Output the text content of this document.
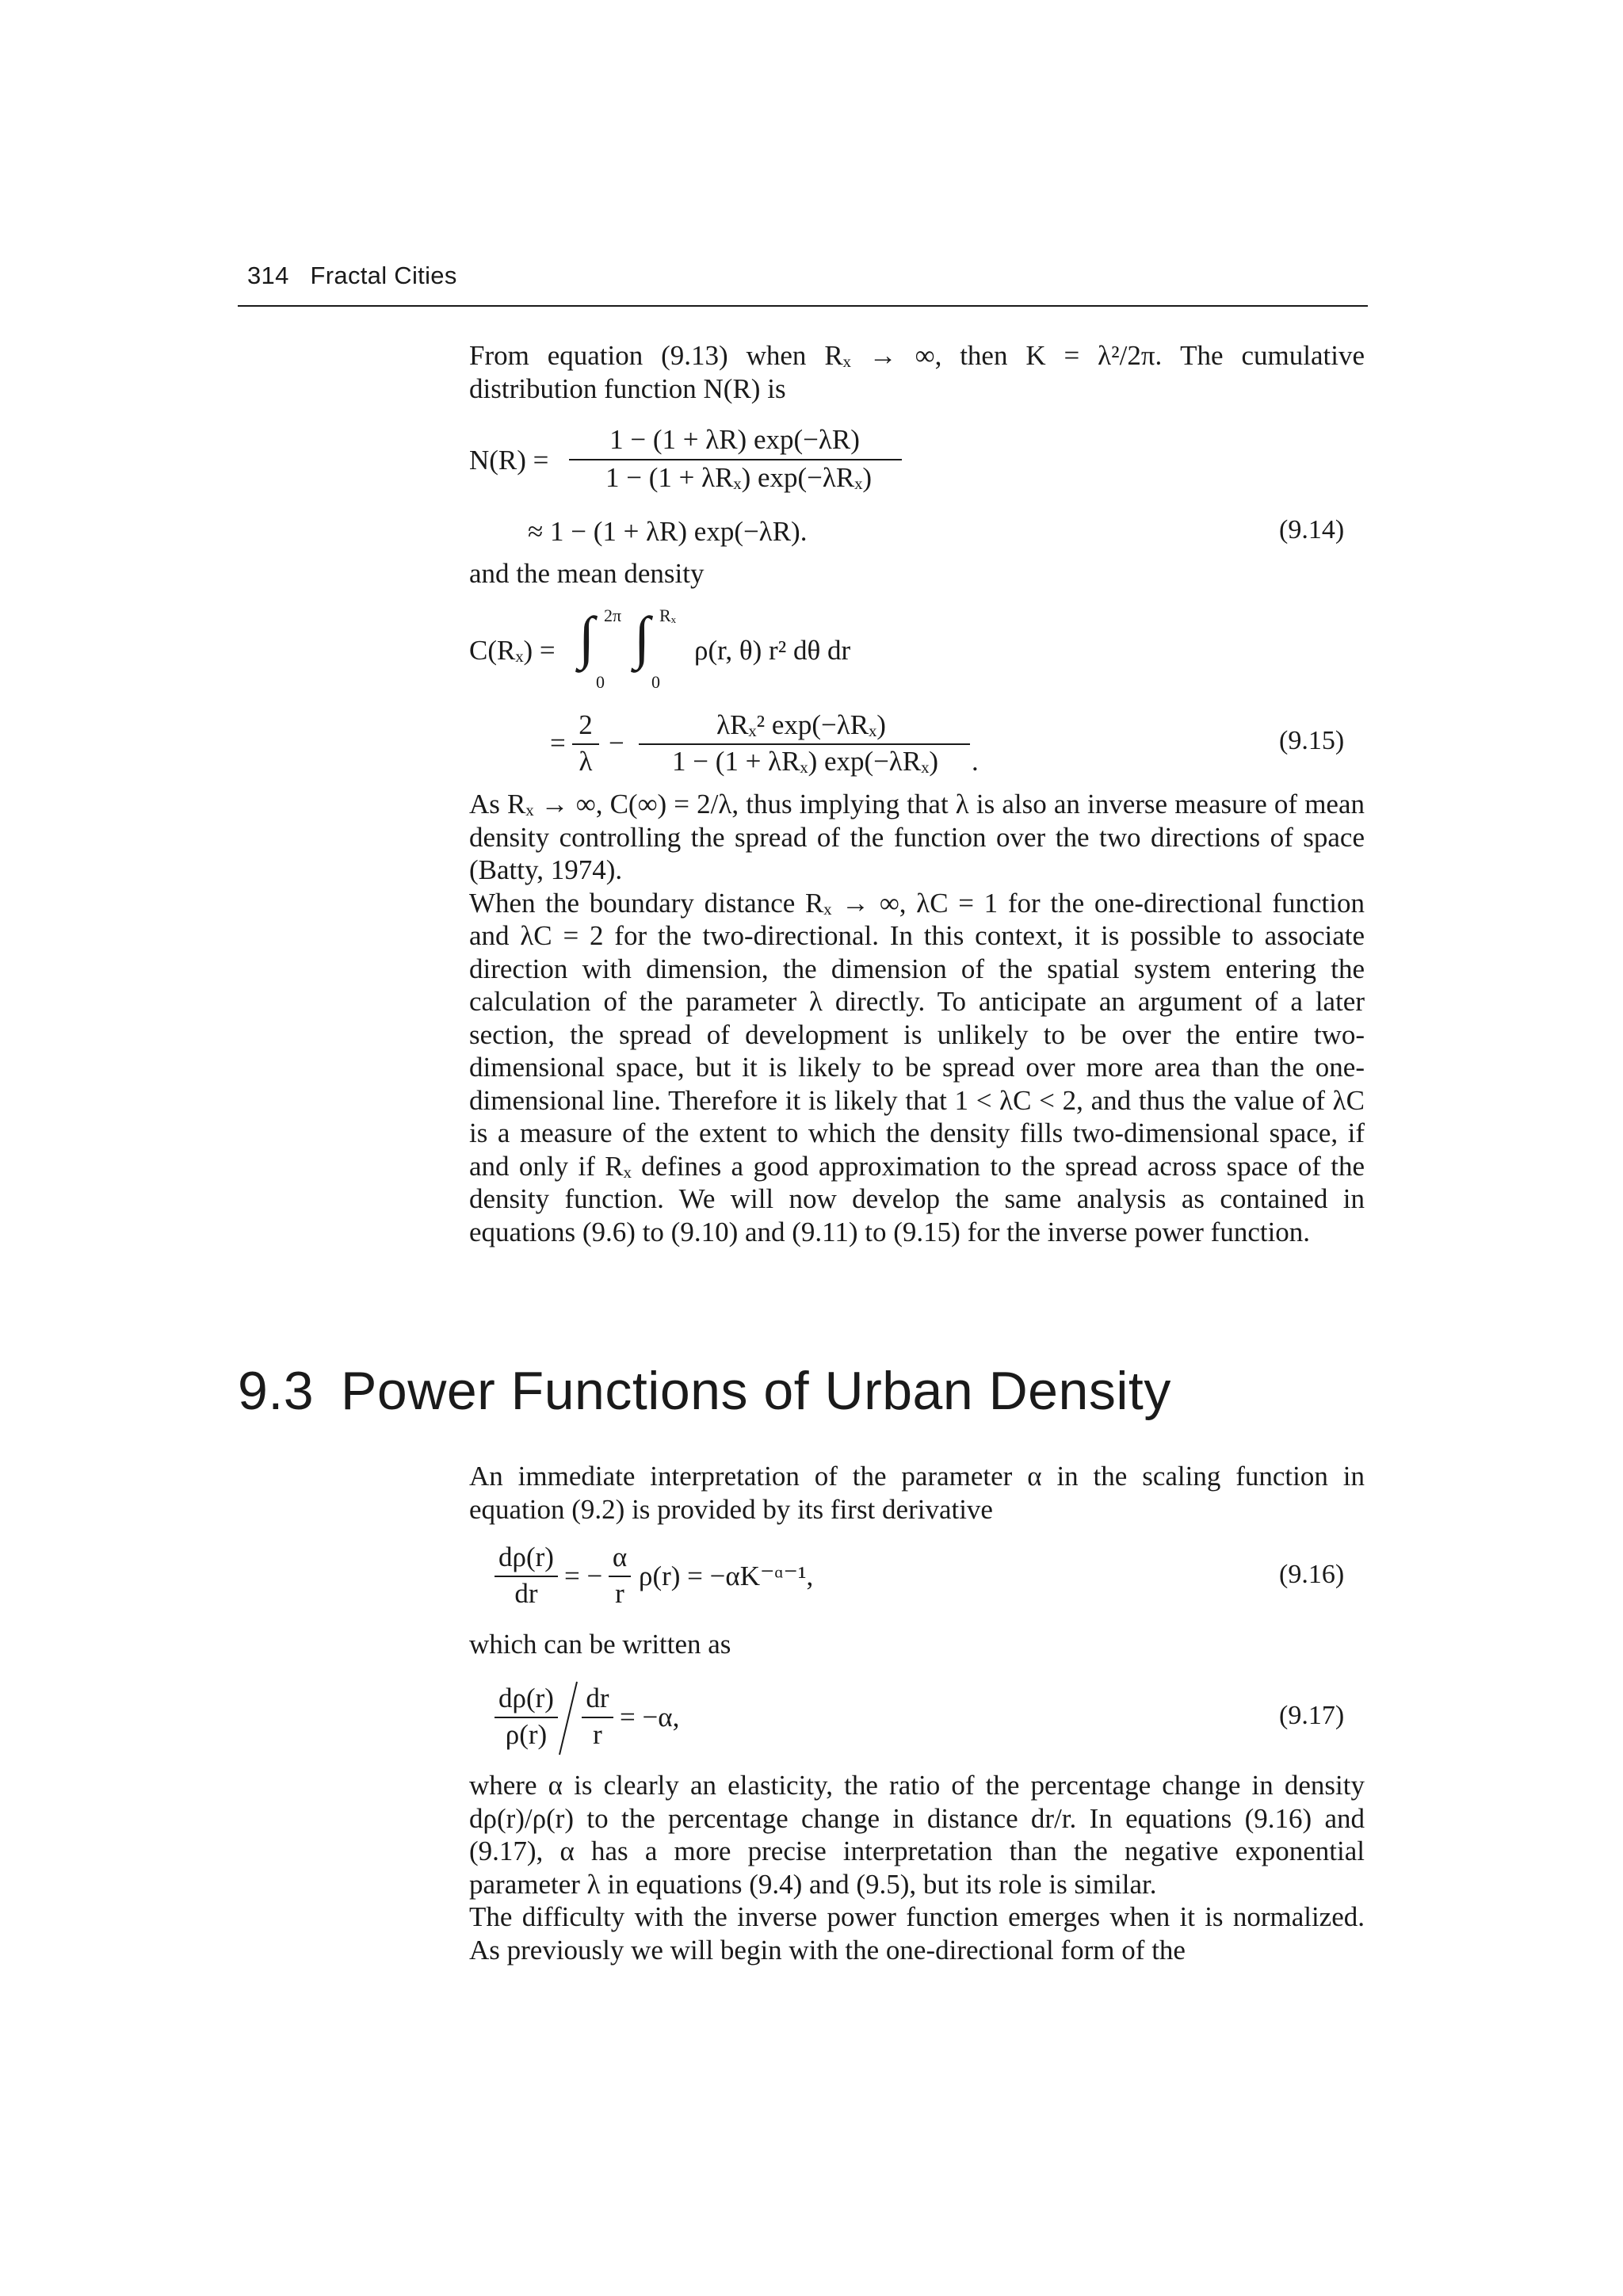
314 Fractal Cities

From equation (9.13) when Rₓ → ∞, then K = λ²/2π. The cumulative distribution function N(R) is

N(R) =
1 − (1 + λR) exp(−λR)
1 − (1 + λRₓ) exp(−λRₓ)
≈ 1 − (1 + λR) exp(−λR).	(9.14)

and the mean density

C(Rₓ) = ∫ 2π
0
∫ Rₓ
0
ρ(r, θ) r² dθ dr
=
2
λ
−
λRₓ² exp(−λRₓ)
1 − (1 + λRₓ) exp(−λRₓ)	.
(9.15)

As Rₓ → ∞, C(∞) = 2/λ, thus implying that λ is also an inverse measure of mean density controlling the spread of the function over the two directions of space (Batty, 1974).

When the boundary distance Rₓ → ∞, λC = 1 for the one-directional function and λC = 2 for the two-directional. In this context, it is possible to associate direction with dimension, the dimension of the spatial system entering the calculation of the parameter λ directly. To anticipate an argument of a later section, the spread of development is unlikely to be over the entire two-dimensional space, but it is likely to be spread over more area than the one-dimensional line. Therefore it is likely that 1 < λC < 2, and thus the value of λC is a measure of the extent to which the density fills two-dimensional space, if and only if Rₓ defines a good approximation to the spread across space of the density function. We will now develop the same analysis as contained in equations (9.6) to (9.10) and (9.11) to (9.15) for the inverse power function.

9.3 Power Functions of Urban Density

An immediate interpretation of the parameter α in the scaling function in equation (9.2) is provided by its first derivative

dρ(r)
dr
= −
α
r
ρ(r) = −αK⁻ᵅ⁻¹,	(9.16)

which can be written as

dρ(r)
ρ(r)
dr
r
= −α,	(9.17)

where α is clearly an elasticity, the ratio of the percentage change in density dρ(r)/ρ(r) to the percentage change in distance dr/r. In equations (9.16) and (9.17), α has a more precise interpretation than the negative exponential parameter λ in equations (9.4) and (9.5), but its role is similar.

The difficulty with the inverse power function emerges when it is normalized. As previously we will begin with the one-directional form of the
